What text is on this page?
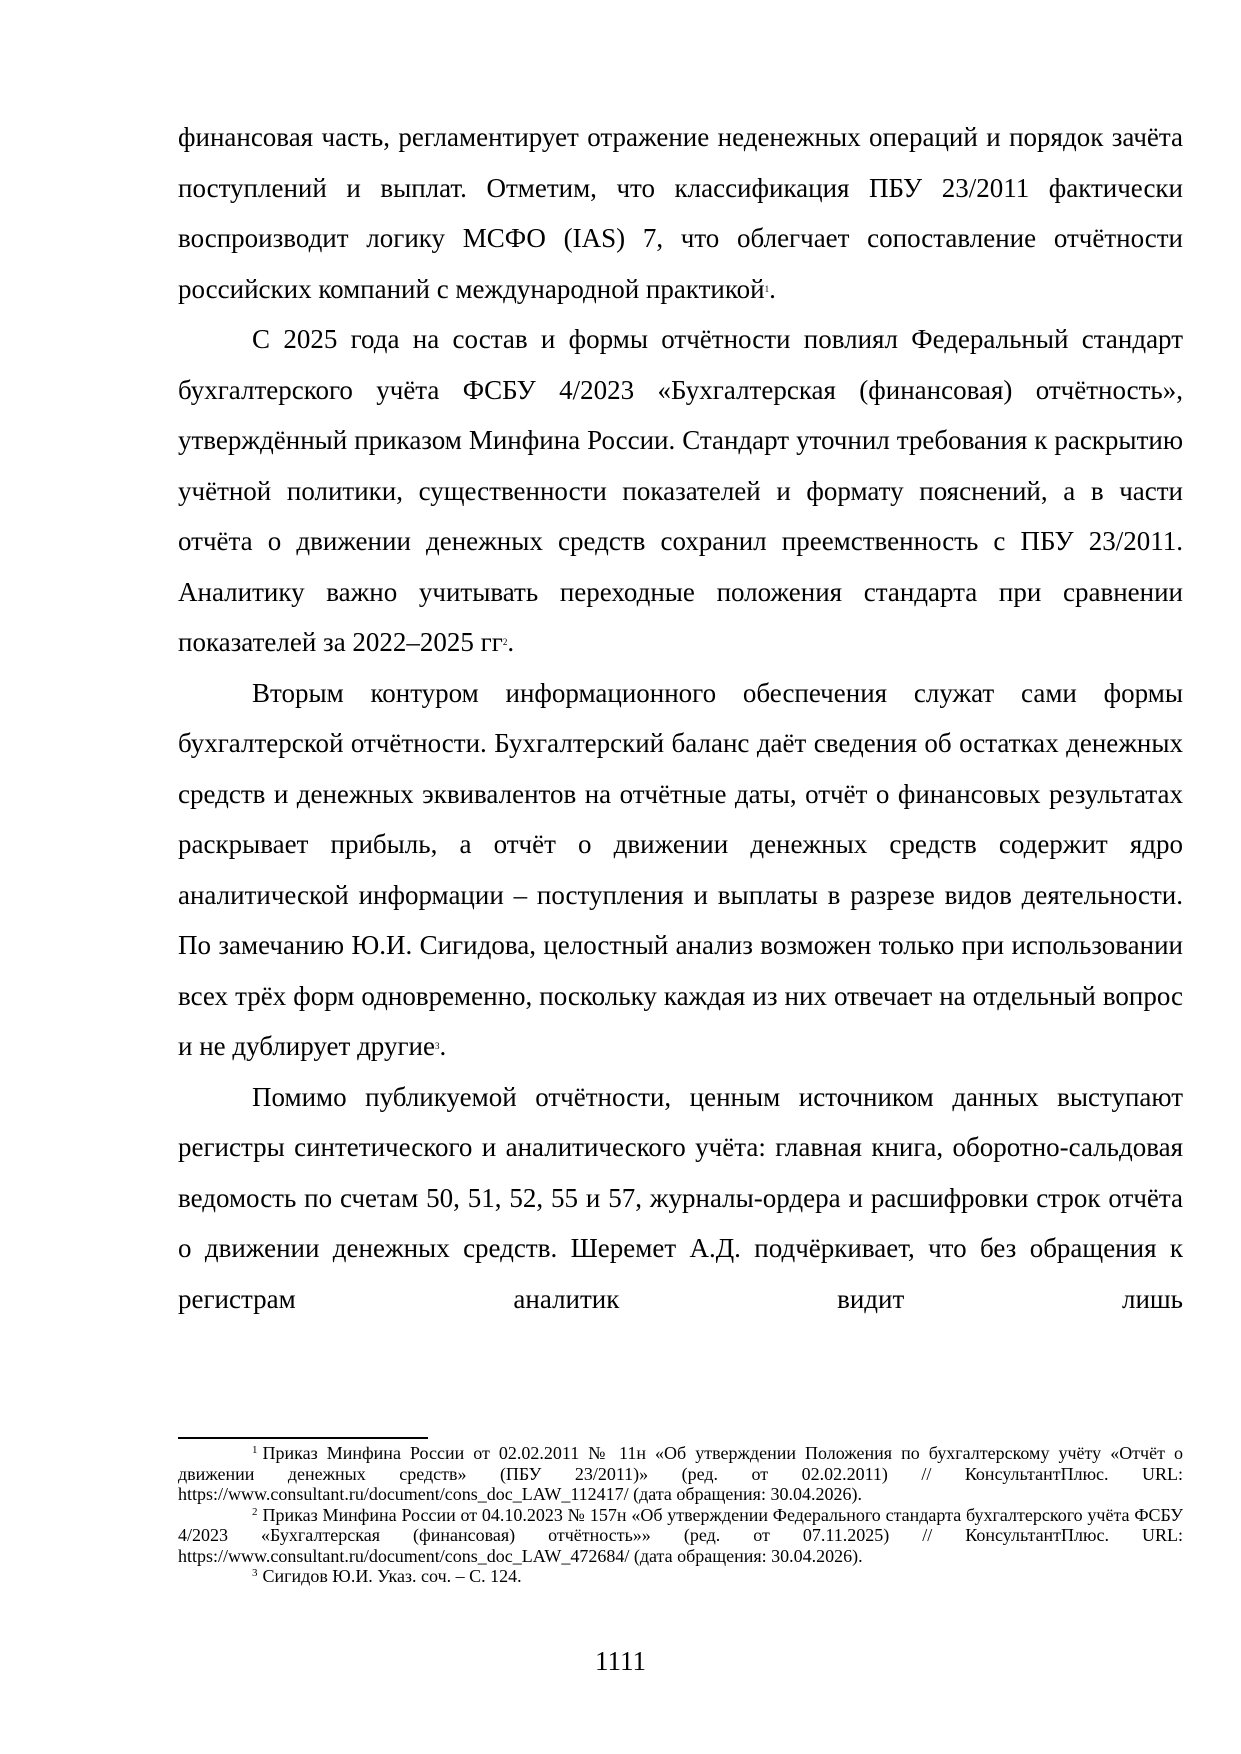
финансовая часть, регламентирует отражение неденежных операций и порядок зачёта поступлений и выплат. Отметим, что классификация ПБУ 23/2011 фактически воспроизводит логику МСФО (IAS) 7, что облегчает сопоставление отчётности российских компаний с международной практикой$^1$.

С 2025 года на состав и формы отчётности повлиял Федеральный стандарт бухгалтерского учёта ФСБУ 4/2023 «Бухгалтерская (финансовая) отчётность», утверждённый приказом Минфина России. Стандарт уточнил требования к раскрытию учётной политики, существенности показателей и формату пояснений, а в части отчёта о движении денежных средств сохранил преемственность с ПБУ 23/2011. Аналитику важно учитывать переходные положения стандарта при сравнении показателей за 2022–2025 гг$^2$.

Вторым контуром информационного обеспечения служат сами формы бухгалтерской отчётности. Бухгалтерский баланс даёт сведения об остатках денежных средств и денежных эквивалентов на отчётные даты, отчёт о финансовых результатах раскрывает прибыль, а отчёт о движении денежных средств содержит ядро аналитической информации – поступления и выплаты в разрезе видов деятельности. По замечанию Ю.И. Сигидова, целостный анализ возможен только при использовании всех трёх форм одновременно, поскольку каждая из них отвечает на отдельный вопрос и не дублирует другие$^3$.

Помимо публикуемой отчётности, ценным источником данных выступают регистры синтетического и аналитического учёта: главная книга, оборотно-сальдовая ведомость по счетам 50, 51, 52, 55 и 57, журналы-ордера и расшифровки строк отчёта о движении денежных средств. Шеремет А.Д. подчёркивает, что без обращения к регистрам аналитик видит лишь

$^1$ Приказ Минфина России от 02.02.2011 № 11н «Об утверждении Положения по бухгалтерскому учёту «Отчёт о движении денежных средств» (ПБУ 23/2011)» (ред. от 02.02.2011) // КонсультантПлюс. URL: https://www.consultant.ru/document/cons_doc_LAW_112417/ (дата обращения: 30.04.2026).

$^2$ Приказ Минфина России от 04.10.2023 № 157н «Об утверждении Федерального стандарта бухгалтерского учёта ФСБУ 4/2023 «Бухгалтерская (финансовая) отчётность»» (ред. от 07.11.2025) // КонсультантПлюс. URL: https://www.consultant.ru/document/cons_doc_LAW_472684/ (дата обращения: 30.04.2026).

$^3$ Сигидов Ю.И. Указ. соч. – С. 124.

1111
